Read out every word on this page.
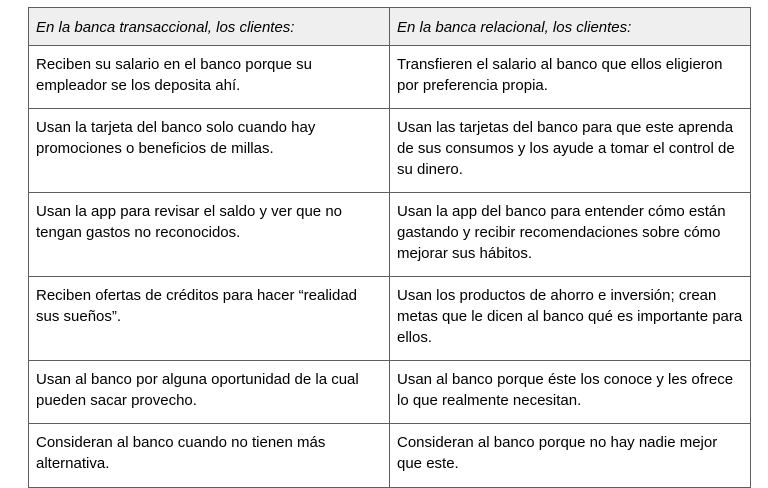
En la banca transaccional, los clientes:	En la banca relacional, los clientes:
Reciben su salario en el banco porque su empleador se los deposita ahí.	Transfieren el salario al banco que ellos eligieron por preferencia propia.
Usan la tarjeta del banco solo cuando hay promociones o beneficios de millas.	Usan las tarjetas del banco para que este aprenda de sus consumos y los ayude a tomar el control de su dinero.
Usan la app para revisar el saldo y ver que no tengan gastos no reconocidos.	Usan la app del banco para entender cómo están gastando y recibir recomendaciones sobre cómo mejorar sus hábitos.
Reciben ofertas de créditos para hacer “realidad sus sueños”.	Usan los productos de ahorro e inversión; crean metas que le dicen al banco qué es importante para ellos.
Usan al banco por alguna oportunidad de la cual pueden sacar provecho.	Usan al banco porque éste los conoce y les ofrece lo que realmente necesitan.
Consideran al banco cuando no tienen más alternativa.	Consideran al banco porque no hay nadie mejor que este.
